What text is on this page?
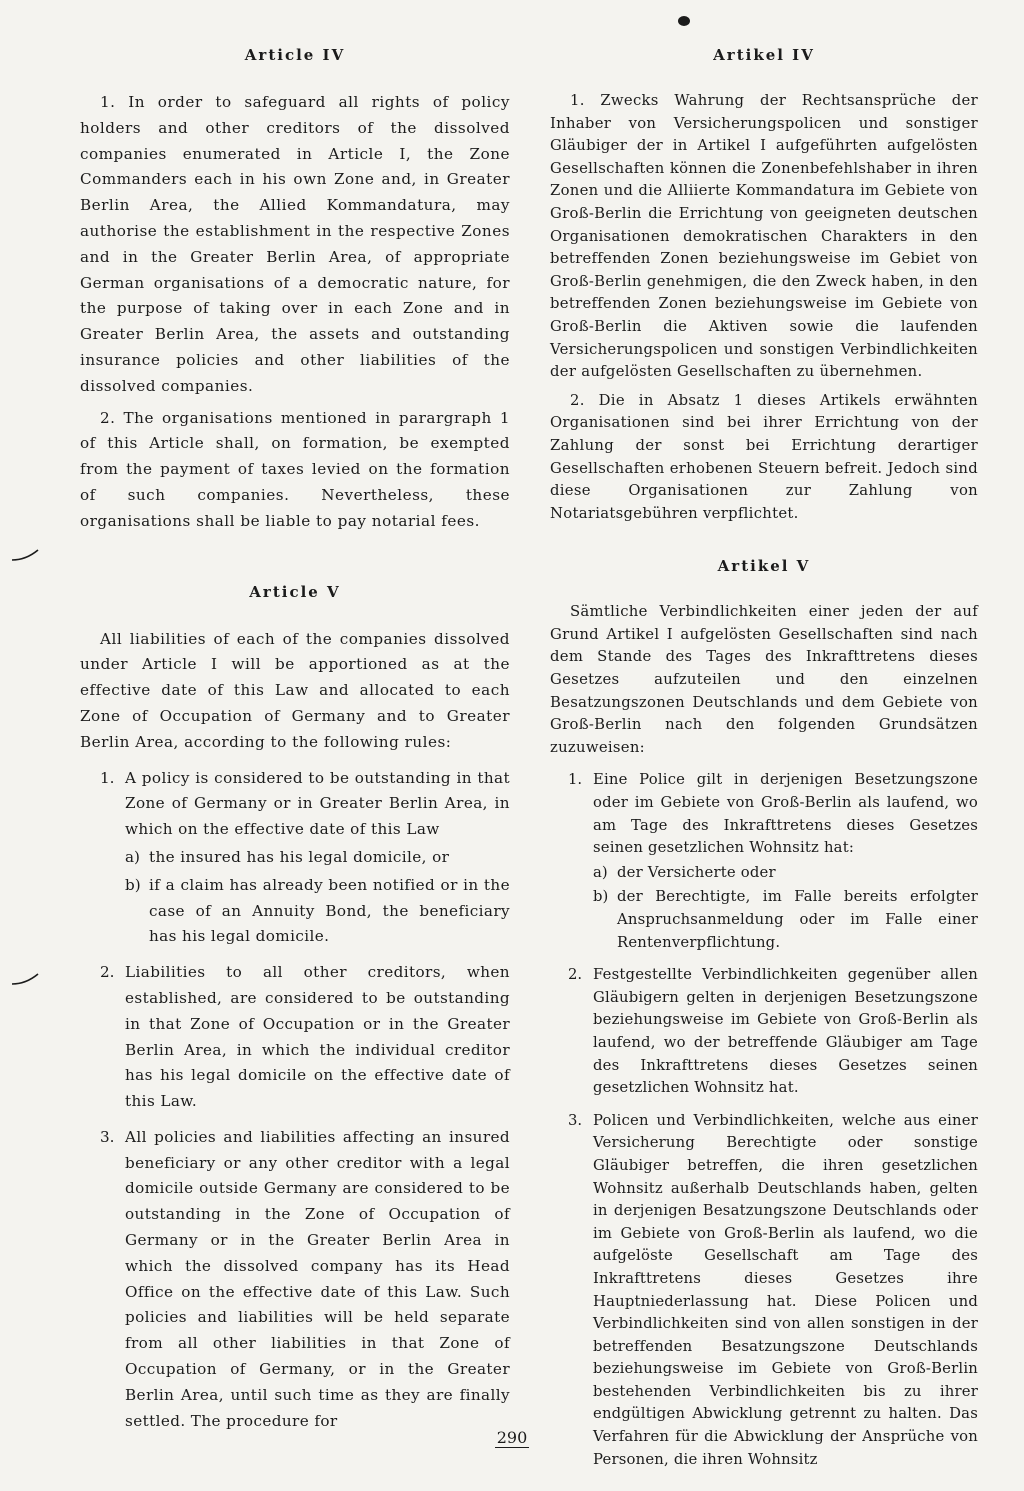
Article IV

1. In order to safeguard all rights of policy holders and other creditors of the dissolved companies enumerated in Article I, the Zone Commanders each in his own Zone and, in Greater Berlin Area, the Allied Kommandatura, may authorise the establishment in the respective Zones and in the Greater Berlin Area, of appropriate German organisations of a democratic nature, for the purpose of taking over in each Zone and in Greater Berlin Area, the assets and outstanding insurance policies and other liabilities of the dissolved companies.

2. The organisations mentioned in parargraph 1 of this Article shall, on formation, be exempted from the payment of taxes levied on the formation of such companies. Nevertheless, these organisations shall be liable to pay notarial fees.

Article V

All liabilities of each of the companies dissolved under Article I will be apportioned as at the effective date of this Law and allocated to each Zone of Occupation of Germany and to Greater Berlin Area, according to the following rules:

1. A policy is considered to be outstanding in that Zone of Germany or in Greater Berlin Area, in which on the effective date of this Law

a) the insured has his legal domicile, or

b) if a claim has already been notified or in the case of an Annuity Bond, the beneficiary has his legal domicile.

2. Liabilities to all other creditors, when established, are considered to be outstanding in that Zone of Occupation or in the Greater Berlin Area, in which the individual creditor has his legal domicile on the effective date of this Law.

3. All policies and liabilities affecting an insured beneficiary or any other creditor with a legal domicile outside Germany are considered to be outstanding in the Zone of Occupation of Germany or in the Greater Berlin Area in which the dissolved company has its Head Office on the effective date of this Law. Such policies and liabilities will be held separate from all other liabilities in that Zone of Occupation of Germany, or in the Greater Berlin Area, until such time as they are finally settled. The procedure for

Artikel IV

1. Zwecks Wahrung der Rechtsansprüche der Inhaber von Versicherungspolicen und sonstiger Gläubiger der in Artikel I aufgeführten aufgelösten Gesellschaften können die Zonenbefehlshaber in ihren Zonen und die Alliierte Kommandatura im Gebiete von Groß-Berlin die Errichtung von geeigneten deutschen Organisationen demokratischen Charakters in den betreffenden Zonen beziehungsweise im Gebiet von Groß-Berlin genehmigen, die den Zweck haben, in den betreffenden Zonen beziehungsweise im Gebiete von Groß-Berlin die Aktiven sowie die laufenden Versicherungspolicen und sonstigen Verbindlichkeiten der aufgelösten Gesellschaften zu übernehmen.

2. Die in Absatz 1 dieses Artikels erwähnten Organisationen sind bei ihrer Errichtung von der Zahlung der sonst bei Errichtung derartiger Gesellschaften erhobenen Steuern befreit. Jedoch sind diese Organisationen zur Zahlung von Notariatsgebühren verpflichtet.

Artikel V

Sämtliche Verbindlichkeiten einer jeden der auf Grund Artikel I aufgelösten Gesellschaften sind nach dem Stande des Tages des Inkrafttretens dieses Gesetzes aufzuteilen und den einzelnen Besatzungszonen Deutschlands und dem Gebiete von Groß-Berlin nach den folgenden Grundsätzen zuzuweisen:

1. Eine Police gilt in derjenigen Besetzungszone oder im Gebiete von Groß-Berlin als laufend, wo am Tage des Inkrafttretens dieses Gesetzes seinen gesetzlichen Wohnsitz hat:

a) der Versicherte oder

b) der Berechtigte, im Falle bereits erfolgter Anspruchsanmeldung oder im Falle einer Rentenverpflichtung.

2. Festgestellte Verbindlichkeiten gegenüber allen Gläubigern gelten in derjenigen Besetzungszone beziehungsweise im Gebiete von Groß-Berlin als laufend, wo der betreffende Gläubiger am Tage des Inkrafttretens dieses Gesetzes seinen gesetzlichen Wohnsitz hat.

3. Policen und Verbindlichkeiten, welche aus einer Versicherung Berechtigte oder sonstige Gläubiger betreffen, die ihren gesetzlichen Wohnsitz außerhalb Deutschlands haben, gelten in derjenigen Besatzungszone Deutschlands oder im Gebiete von Groß-Berlin als laufend, wo die aufgelöste Gesellschaft am Tage des Inkrafttretens dieses Gesetzes ihre Hauptniederlassung hat. Diese Policen und Verbindlichkeiten sind von allen sonstigen in der betreffenden Besatzungszone Deutschlands beziehungsweise im Gebiete von Groß-Berlin bestehenden Verbindlichkeiten bis zu ihrer endgültigen Abwicklung getrennt zu halten. Das Verfahren für die Abwicklung der Ansprüche von Personen, die ihren Wohnsitz

290
